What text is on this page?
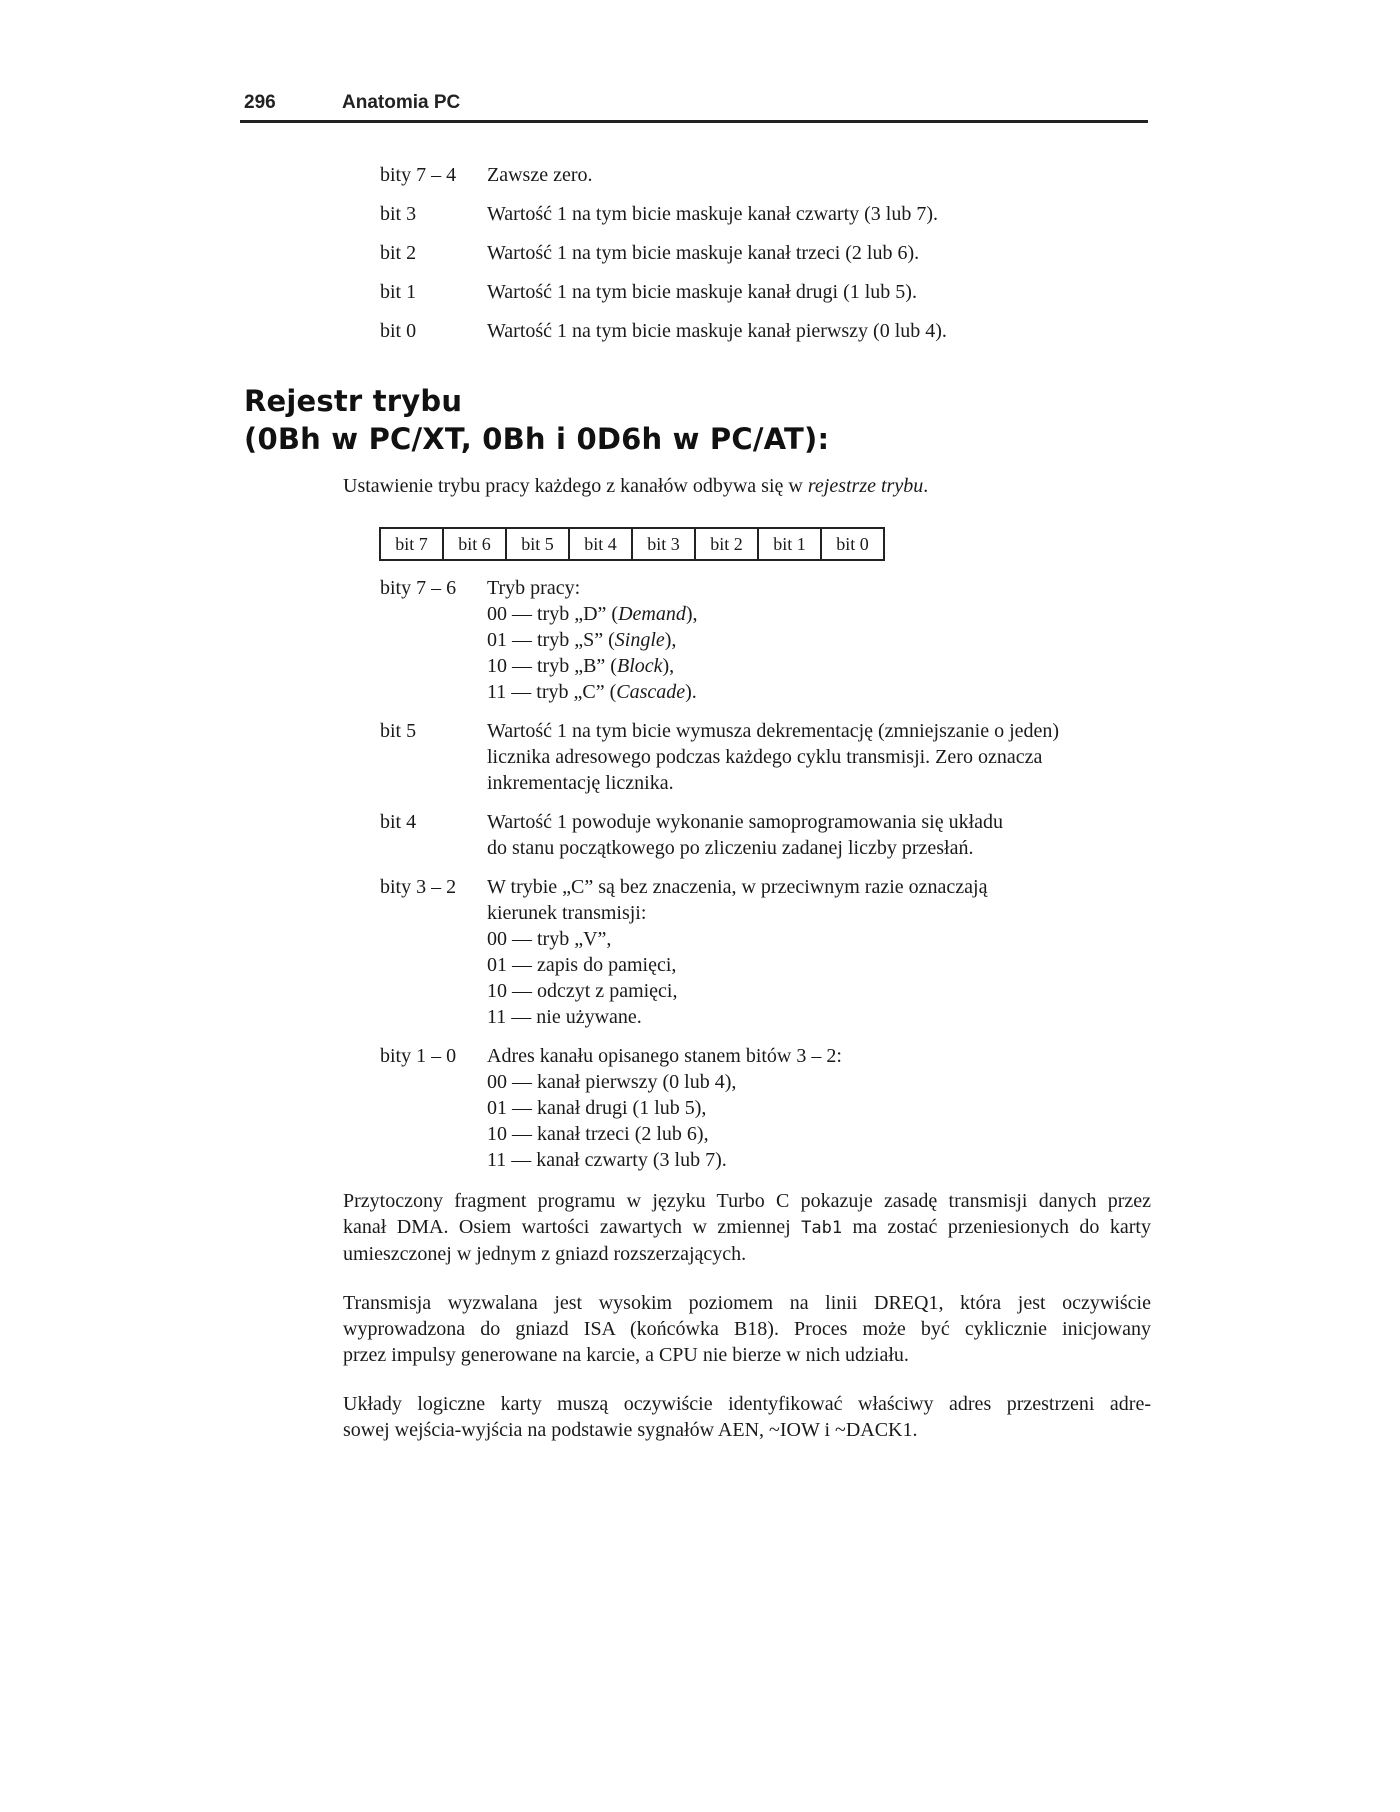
296	Anatomia PC
bity 7 – 4	Zawsze zero.
bit 3	Wartość 1 na tym bicie maskuje kanał czwarty (3 lub 7).
bit 2	Wartość 1 na tym bicie maskuje kanał trzeci (2 lub 6).
bit 1	Wartość 1 na tym bicie maskuje kanał drugi (1 lub 5).
bit 0	Wartość 1 na tym bicie maskuje kanał pierwszy (0 lub 4).
Rejestr trybu
(0Bh w PC/XT, 0Bh i 0D6h w PC/AT):

Ustawienie trybu pracy każdego z kanałów odbywa się w rejestrze trybu.

bit 7	bit 6	bit 5	bit 4	bit 3	bit 2	bit 1	bit 0
bity 7 – 6	Tryb pracy:
00 — tryb „D” (Demand),
01 — tryb „S” (Single),
10 — tryb „B” (Block),
11 — tryb „C” (Cascade).
bit 5	Wartość 1 na tym bicie wymusza dekrementację (zmniejszanie o jeden)
licznika adresowego podczas każdego cyklu transmisji. Zero oznacza
inkrementację licznika.
bit 4	Wartość 1 powoduje wykonanie samoprogramowania się układu
do stanu początkowego po zliczeniu zadanej liczby przesłań.
bity 3 – 2	W trybie „C” są bez znaczenia, w przeciwnym razie oznaczają
kierunek transmisji:
00 — tryb „V”,
01 — zapis do pamięci,
10 –– odczyt z pamięci,
11 — nie używane.
bity 1 – 0	Adres kanału opisanego stanem bitów 3 – 2:
00 — kanał pierwszy (0 lub 4),
01 — kanał drugi (1 lub 5),
10 — kanał trzeci (2 lub 6),
11 — kanał czwarty (3 lub 7).

Przytoczony fragment programu w języku Turbo C pokazuje zasadę transmisji danych przez
kanał DMA. Osiem wartości zawartych w zmiennej Tab1 ma zostać przeniesionych do karty
umieszczonej w jednym z gniazd rozszerzających.

Transmisja wyzwalana jest wysokim poziomem na linii DREQ1, która jest oczywiście
wyprowadzona do gniazd ISA (końcówka B18). Proces może być cyklicznie inicjowany
przez impulsy generowane na karcie, a CPU nie bierze w nich udziału.

Układy logiczne karty muszą oczywiście identyfikować właściwy adres przestrzeni adre-
sowej wejścia-wyjścia na podstawie sygnałów AEN, ~IOW i ~DACK1.
